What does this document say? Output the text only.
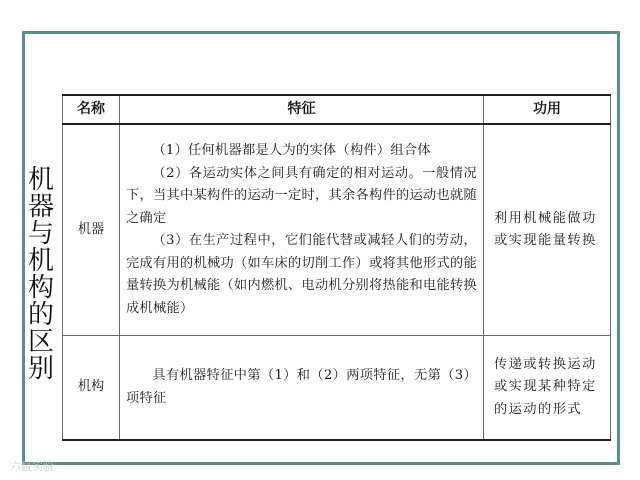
机
器
与
机
构
的
区
别
名称	特征	功用
机器	（1）任何机器都是人为的实体（构件）组合体

（2）各运动实体之间具有确定的相对运动。一般情况下，当其中某构件的运动一定时，其余各构件的运动也就随之确定

（3）在生产过程中，它们能代替或减轻人们的劳动，完成有用的机械功（如车床的切削工作）或将其他形式的能量转换为机械能（如内燃机、电动机分别将热能和电能转换成机械能）	利用机械能做功或实现能量转换

机构	具有机器特征中第（1）和（2）两项特征，无第（3）项特征	传递或转换运动或实现某种特定的运动的形式
六鼠实验
